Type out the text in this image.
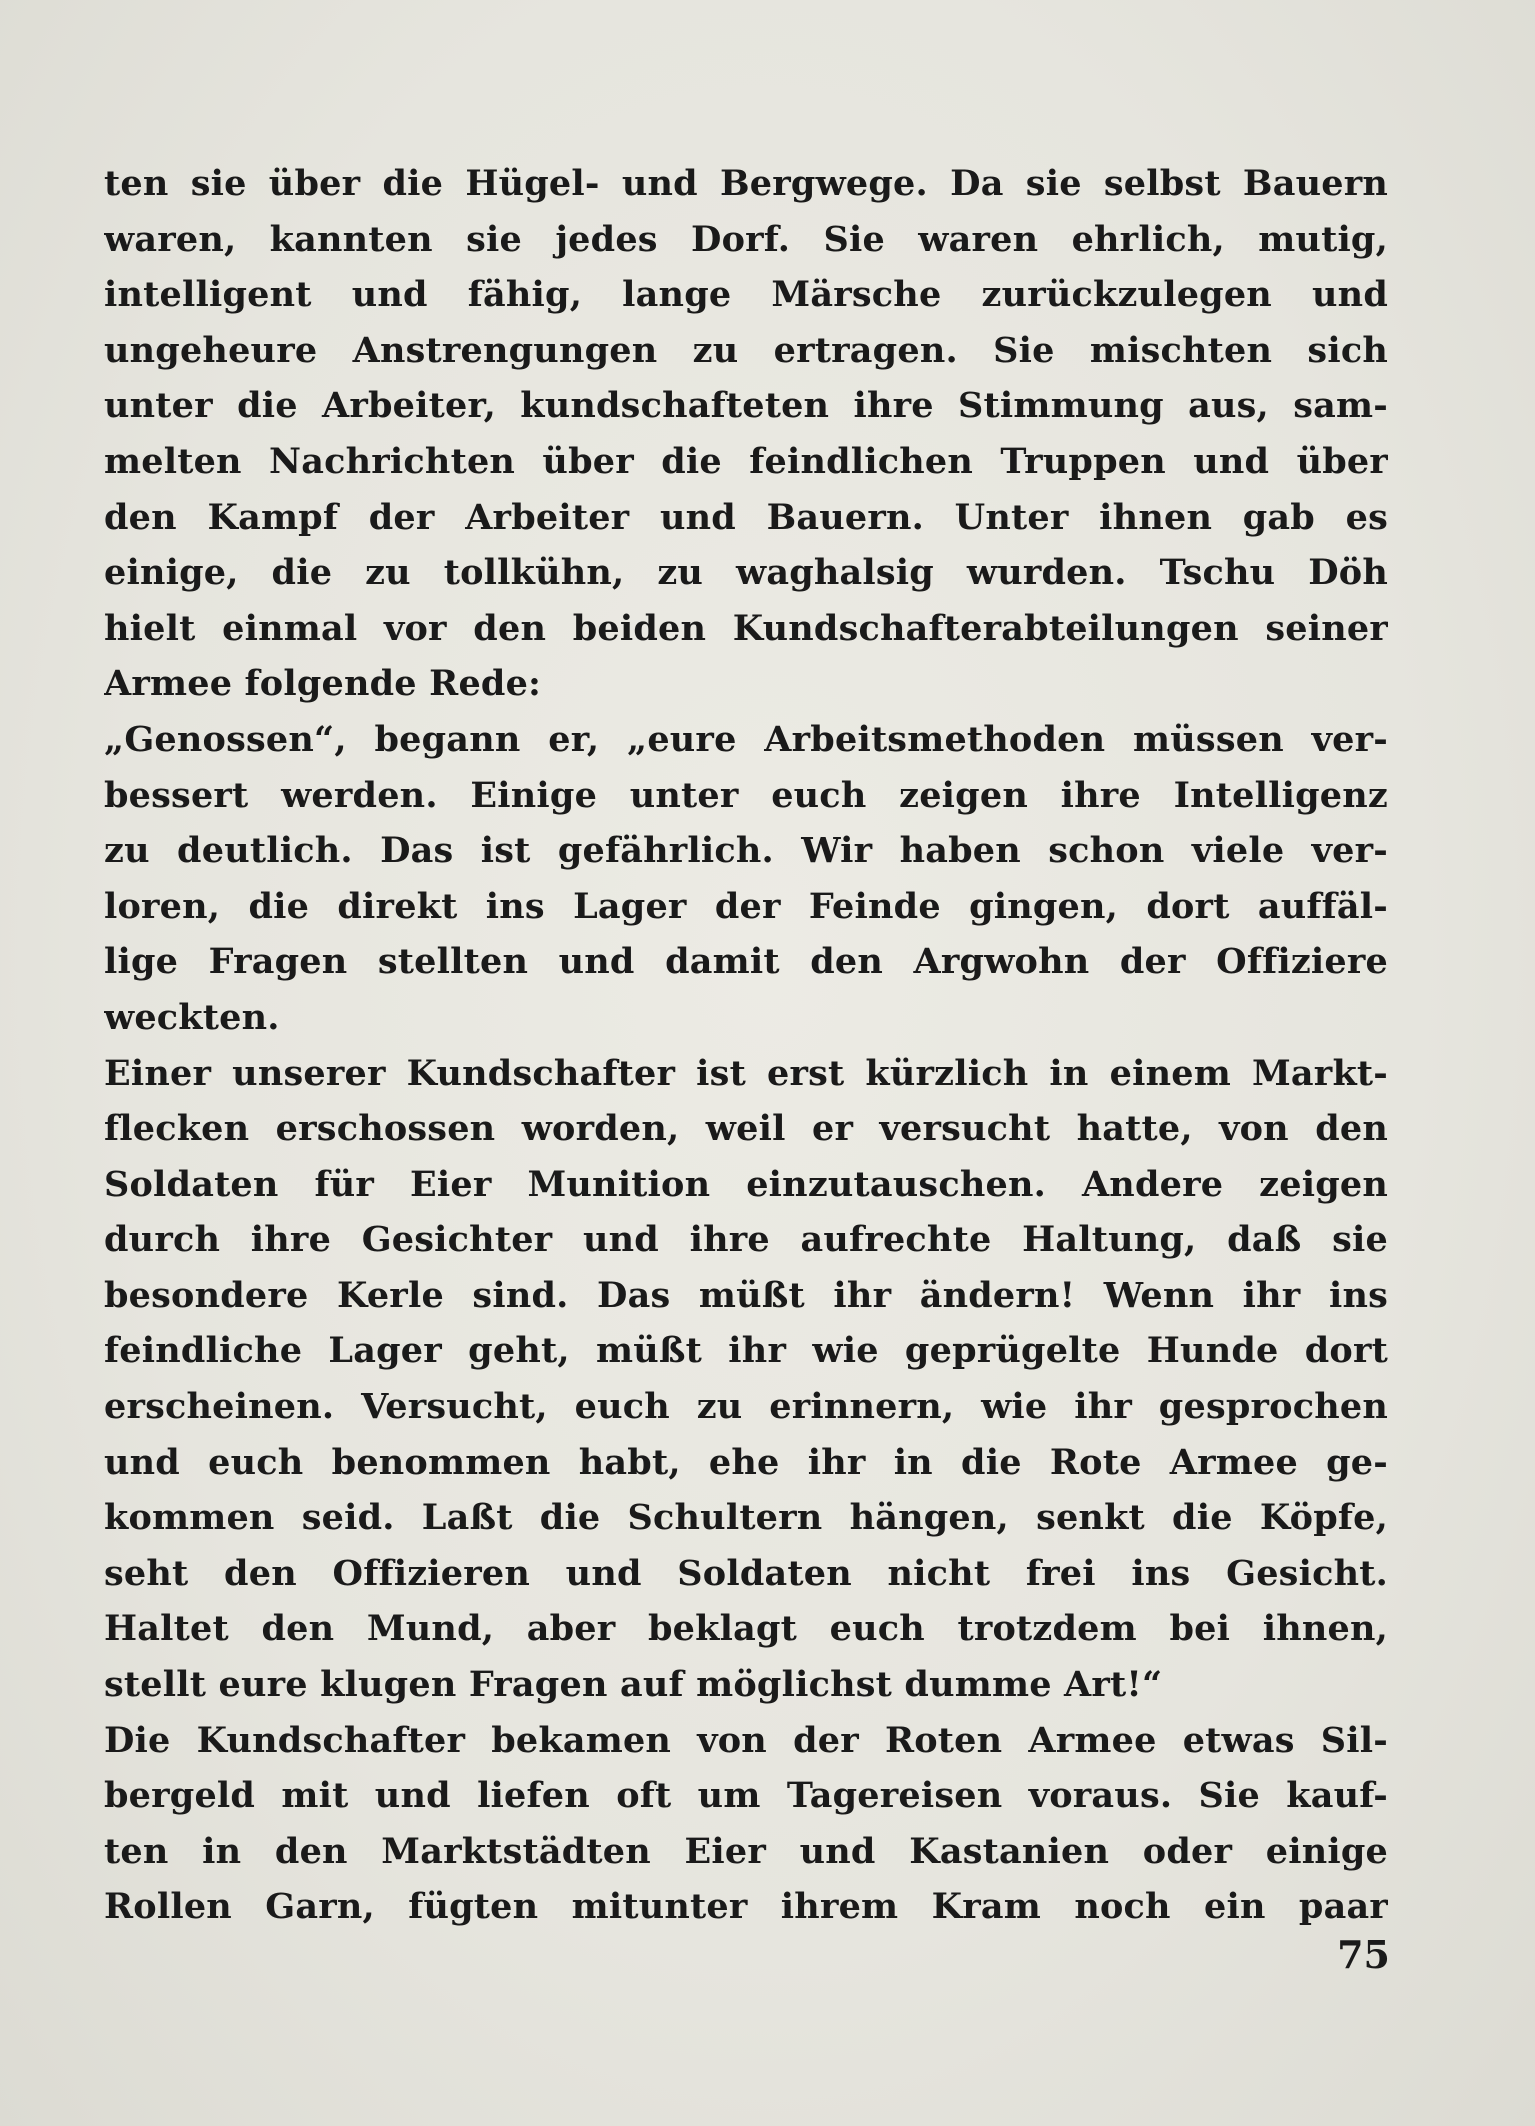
ten sie über die Hügel- und Bergwege. Da sie selbst Bauern
waren, kannten sie jedes Dorf. Sie waren ehrlich, mutig,
intelligent und fähig, lange Märsche zurückzulegen und
ungeheure Anstrengungen zu ertragen. Sie mischten sich
unter die Arbeiter, kundschafteten ihre Stimmung aus, sam-
melten Nachrichten über die feindlichen Truppen und über
den Kampf der Arbeiter und Bauern. Unter ihnen gab es
einige, die zu tollkühn, zu waghalsig wurden. Tschu Döh
hielt einmal vor den beiden Kundschafterabteilungen seiner
Armee folgende Rede:
„Genossen“, begann er, „eure Arbeitsmethoden müssen ver-
bessert werden. Einige unter euch zeigen ihre Intelligenz
zu deutlich. Das ist gefährlich. Wir haben schon viele ver-
loren, die direkt ins Lager der Feinde gingen, dort auffäl-
lige Fragen stellten und damit den Argwohn der Offiziere
weckten.
Einer unserer Kundschafter ist erst kürzlich in einem Markt-
flecken erschossen worden, weil er versucht hatte, von den
Soldaten für Eier Munition einzutauschen. Andere zeigen
durch ihre Gesichter und ihre aufrechte Haltung, daß sie
besondere Kerle sind. Das müßt ihr ändern! Wenn ihr ins
feindliche Lager geht, müßt ihr wie geprügelte Hunde dort
erscheinen. Versucht, euch zu erinnern, wie ihr gesprochen
und euch benommen habt, ehe ihr in die Rote Armee ge-
kommen seid. Laßt die Schultern hängen, senkt die Köpfe,
seht den Offizieren und Soldaten nicht frei ins Gesicht.
Haltet den Mund, aber beklagt euch trotzdem bei ihnen,
stellt eure klugen Fragen auf möglichst dumme Art!“
Die Kundschafter bekamen von der Roten Armee etwas Sil-
bergeld mit und liefen oft um Tagereisen voraus. Sie kauf-
ten in den Marktstädten Eier und Kastanien oder einige
Rollen Garn, fügten mitunter ihrem Kram noch ein paar
75
